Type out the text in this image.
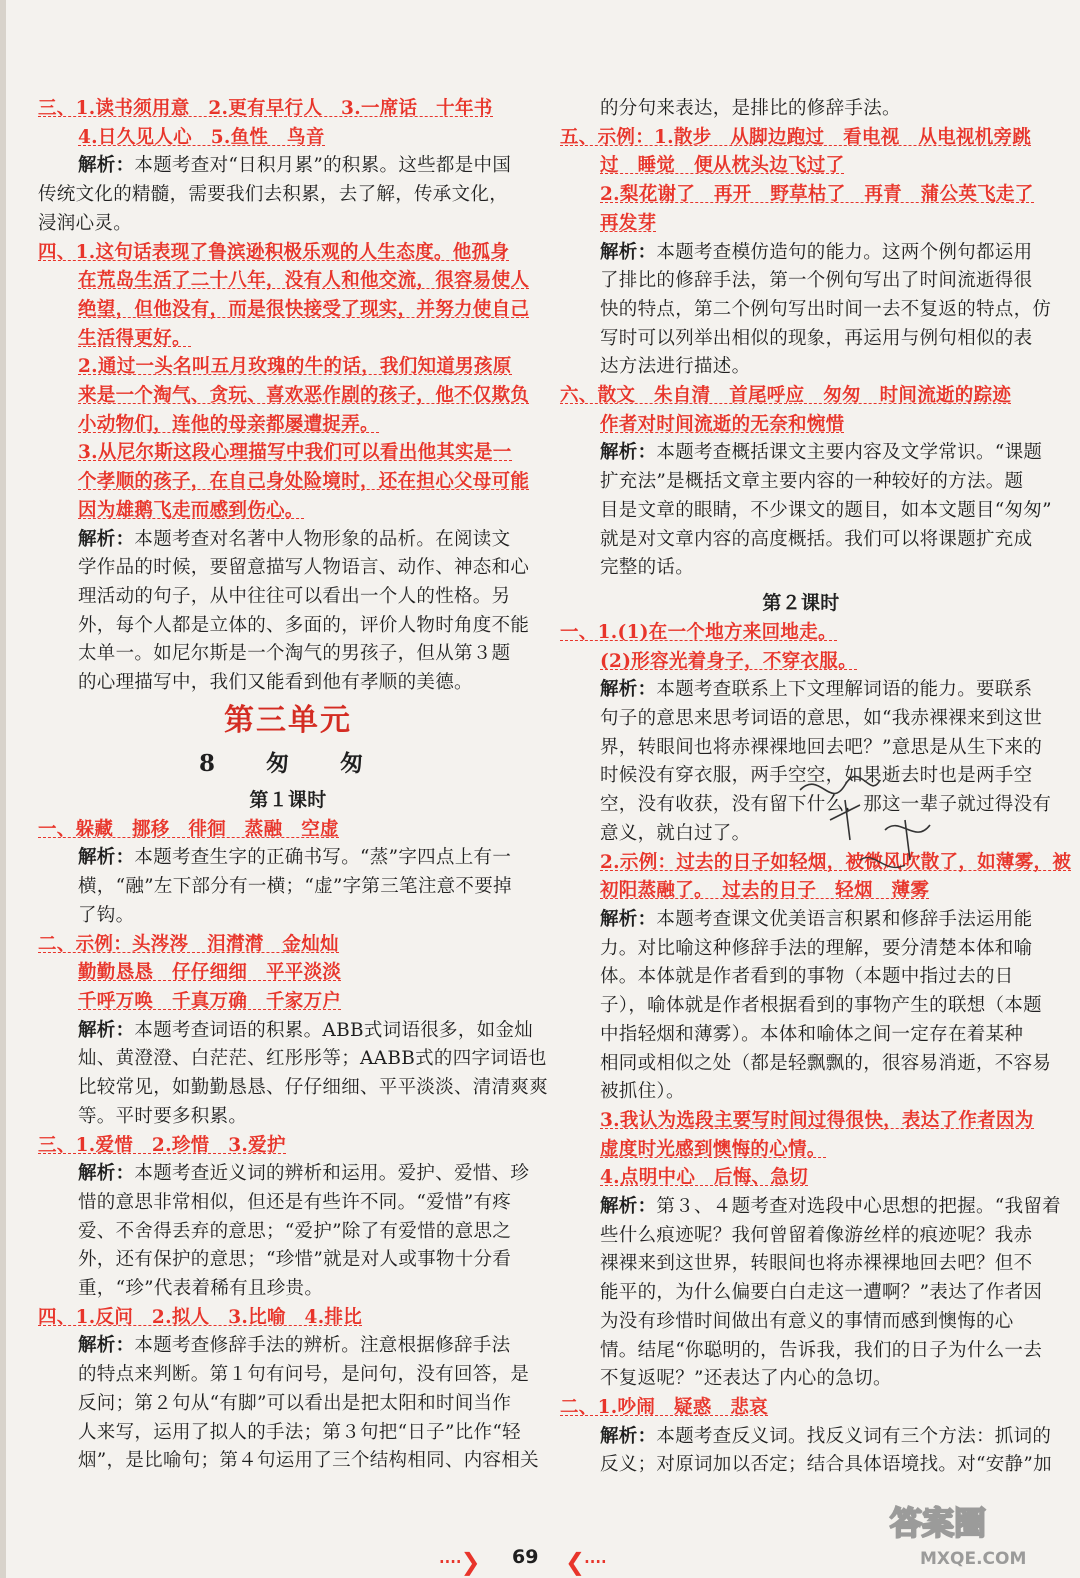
三、1.读书须用意　2.更有早行人　3.一席话　十年书
4.日久见人心　5.鱼性　鸟音
解析：本题考查对“日积月累”的积累。这些都是中国
传统文化的精髓，需要我们去积累，去了解，传承文化，
浸润心灵。
四、1.这句话表现了鲁滨逊积极乐观的人生态度。他孤身
在荒岛生活了二十八年，没有人和他交流，很容易使人
绝望，但他没有，而是很快接受了现实，并努力使自己
生活得更好。
2.通过一头名叫五月玫瑰的牛的话，我们知道男孩原
来是一个淘气、贪玩、喜欢恶作剧的孩子，他不仅欺负
小动物们，连他的母亲都屡遭捉弄。
3.从尼尔斯这段心理描写中我们可以看出他其实是一
个孝顺的孩子，在自己身处险境时，还在担心父母可能
因为雄鹅飞走而感到伤心。
解析：本题考查对名著中人物形象的品析。在阅读文
学作品的时候，要留意描写人物语言、动作、神态和心
理活动的句子，从中往往可以看出一个人的性格。另
外，每个人都是立体的、多面的，评价人物时角度不能
太单一。如尼尔斯是一个淘气的男孩子，但从第３题
的心理描写中，我们又能看到他有孝顺的美德。
第三单元
8　匆　匆
第１课时
一、躲藏　挪移　徘徊　蒸融　空虚
解析：本题考查生字的正确书写。“蒸”字四点上有一
横，“融”左下部分有一横；“虚”字第三笔注意不要掉
了钩。
二、示例：头涔涔　泪潸潸　金灿灿
勤勤恳恳　仔仔细细　平平淡淡
千呼万唤　千真万确　千家万户
解析：本题考查词语的积累。ABB式词语很多，如金灿
灿、黄澄澄、白茫茫、红彤彤等；AABB式的四字词语也
比较常见，如勤勤恳恳、仔仔细细、平平淡淡、清清爽爽
等。平时要多积累。
三、1.爱惜　2.珍惜　3.爱护
解析：本题考查近义词的辨析和运用。爱护、爱惜、珍
惜的意思非常相似，但还是有些许不同。“爱惜”有疼
爱、不舍得丢弃的意思；“爱护”除了有爱惜的意思之
外，还有保护的意思；“珍惜”就是对人或事物十分看
重，“珍”代表着稀有且珍贵。
四、1.反问　2.拟人　3.比喻　4.排比
解析：本题考查修辞手法的辨析。注意根据修辞手法
的特点来判断。第１句有问号，是问句，没有回答，是
反问；第２句从“有脚”可以看出是把太阳和时间当作
人来写，运用了拟人的手法；第３句把“日子”比作“轻
烟”，是比喻句；第４句运用了三个结构相同、内容相关
的分句来表达，是排比的修辞手法。
五、示例：1.散步　从脚边跑过　看电视　从电视机旁跳
过　睡觉　便从枕头边飞过了
2.梨花谢了　再开　野草枯了　再青　蒲公英飞走了
再发芽
解析：本题考查模仿造句的能力。这两个例句都运用
了排比的修辞手法，第一个例句写出了时间流逝得很
快的特点，第二个例句写出时间一去不复返的特点，仿
写时可以列举出相似的现象，再运用与例句相似的表
达方法进行描述。
六、散文　朱自清　首尾呼应　匆匆　时间流逝的踪迹
作者对时间流逝的无奈和惋惜
解析：本题考查概括课文主要内容及文学常识。“课题
扩充法”是概括文章主要内容的一种较好的方法。题
目是文章的眼睛，不少课文的题目，如本文题目“匆匆”
就是对文章内容的高度概括。我们可以将课题扩充成
完整的话。
第２课时
一、1.(1)在一个地方来回地走。
(2)形容光着身子，不穿衣服。
解析：本题考查联系上下文理解词语的能力。要联系
句子的意思来思考词语的意思，如“我赤裸裸来到这世
界，转眼间也将赤裸裸地回去吧？”意思是从生下来的
时候没有穿衣服，两手空空，如果逝去时也是两手空
空，没有收获，没有留下什么，那这一辈子就过得没有
意义，就白过了。
2.示例：过去的日子如轻烟，被微风吹散了，如薄雾，被
初阳蒸融了。　过去的日子　轻烟　薄雾
解析：本题考查课文优美语言积累和修辞手法运用能
力。对比喻这种修辞手法的理解，要分清楚本体和喻
体。本体就是作者看到的事物（本题中指过去的日
子），喻体就是作者根据看到的事物产生的联想（本题
中指轻烟和薄雾）。本体和喻体之间一定存在着某种
相同或相似之处（都是轻飘飘的，很容易消逝，不容易
被抓住）。
3.我认为选段主要写时间过得很快，表达了作者因为
虚度时光感到懊悔的心情。
4.点明中心　后悔、急切
解析：第３、４题考查对选段中心思想的把握。“我留着
些什么痕迹呢？我何曾留着像游丝样的痕迹呢？我赤
裸裸来到这世界，转眼间也将赤裸裸地回去吧？但不
能平的，为什么偏要白白走这一遭啊？”表达了作者因
为没有珍惜时间做出有意义的事情而感到懊悔的心
情。结尾“你聪明的，告诉我，我们的日子为什么一去
不复返呢？”还表达了内心的急切。
二、1.吵闹　疑惑　悲哀
解析：本题考查反义词。找反义词有三个方法：抓词的
反义；对原词加以否定；结合具体语境找。对“安静”加
····❯ 69 ❮····
答案圈
MXQE.COM
